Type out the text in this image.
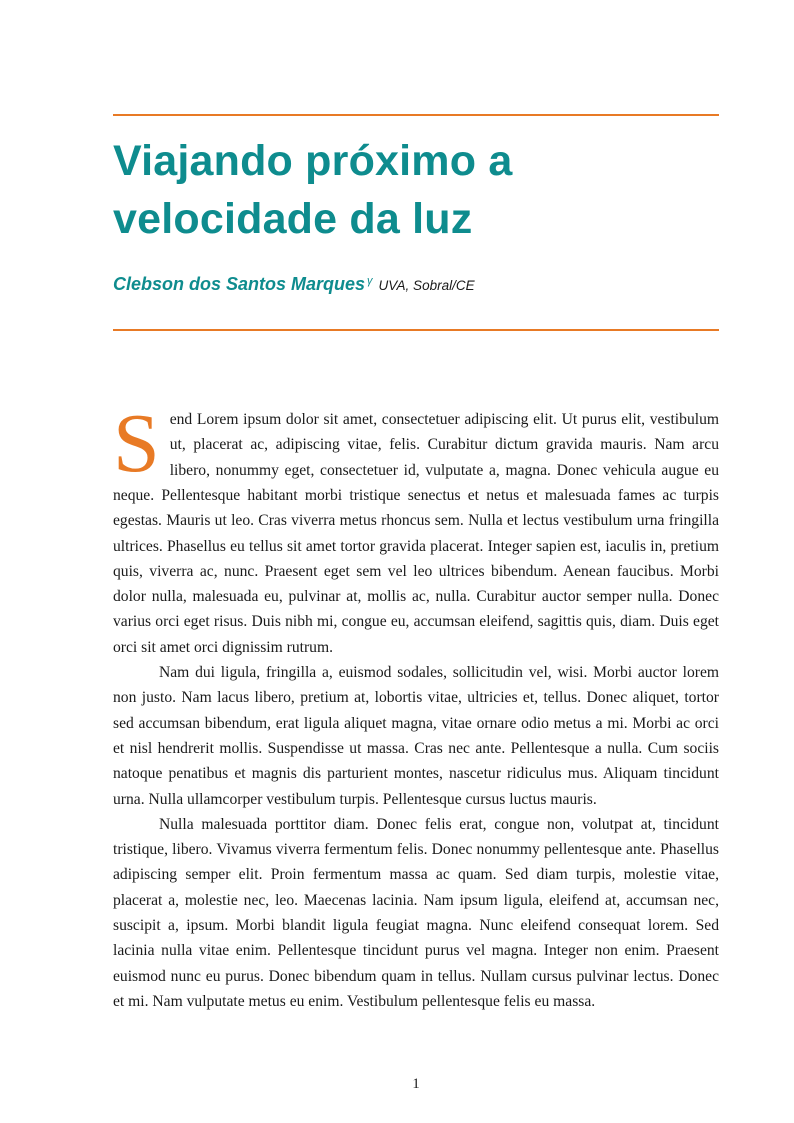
Viajando próximo a
velocidade da luz
Clebson dos Santos Marques $^\gamma$ UVA, Sobral/CE

Send Lorem ipsum dolor sit amet, consectetuer adipiscing elit. Ut purus elit, vestibulum ut, placerat ac, adipiscing vitae, felis. Curabitur dictum gravida mauris. Nam arcu libero, nonummy eget, consectetuer id, vulputate a, magna. Donec vehicula augue eu neque. Pellentesque habitant morbi tristique senectus et netus et malesuada fames ac turpis egestas. Mauris ut leo. Cras viverra metus rhoncus sem. Nulla et lectus vestibulum urna fringilla ultrices. Phasellus eu tellus sit amet tortor gravida placerat. Integer sapien est, iaculis in, pretium quis, viverra ac, nunc. Praesent eget sem vel leo ultrices bibendum. Aenean faucibus. Morbi dolor nulla, malesuada eu, pulvinar at, mollis ac, nulla. Curabitur auctor semper nulla. Donec varius orci eget risus. Duis nibh mi, congue eu, accumsan eleifend, sagittis quis, diam. Duis eget orci sit amet orci dignissim rutrum.

Nam dui ligula, fringilla a, euismod sodales, sollicitudin vel, wisi. Morbi auctor lorem non justo. Nam lacus libero, pretium at, lobortis vitae, ultricies et, tellus. Donec aliquet, tortor sed accumsan bibendum, erat ligula aliquet magna, vitae ornare odio metus a mi. Morbi ac orci et nisl hendrerit mollis. Suspendisse ut massa. Cras nec ante. Pellentesque a nulla. Cum sociis natoque penatibus et magnis dis parturient montes, nascetur ridiculus mus. Aliquam tincidunt urna. Nulla ullamcorper vestibulum turpis. Pellentesque cursus luctus mauris.

Nulla malesuada porttitor diam. Donec felis erat, congue non, volutpat at, tincidunt tristique, libero. Vivamus viverra fermentum felis. Donec nonummy pellentesque ante. Phasellus adipiscing semper elit. Proin fermentum massa ac quam. Sed diam turpis, molestie vitae, placerat a, molestie nec, leo. Maecenas lacinia. Nam ipsum ligula, eleifend at, accumsan nec, suscipit a, ipsum. Morbi blandit ligula feugiat magna. Nunc eleifend consequat lorem. Sed lacinia nulla vitae enim. Pellentesque tincidunt purus vel magna. Integer non enim. Praesent euismod nunc eu purus. Donec bibendum quam in tellus. Nullam cursus pulvinar lectus. Donec et mi. Nam vulputate metus eu enim. Vestibulum pellentesque felis eu massa.

1
